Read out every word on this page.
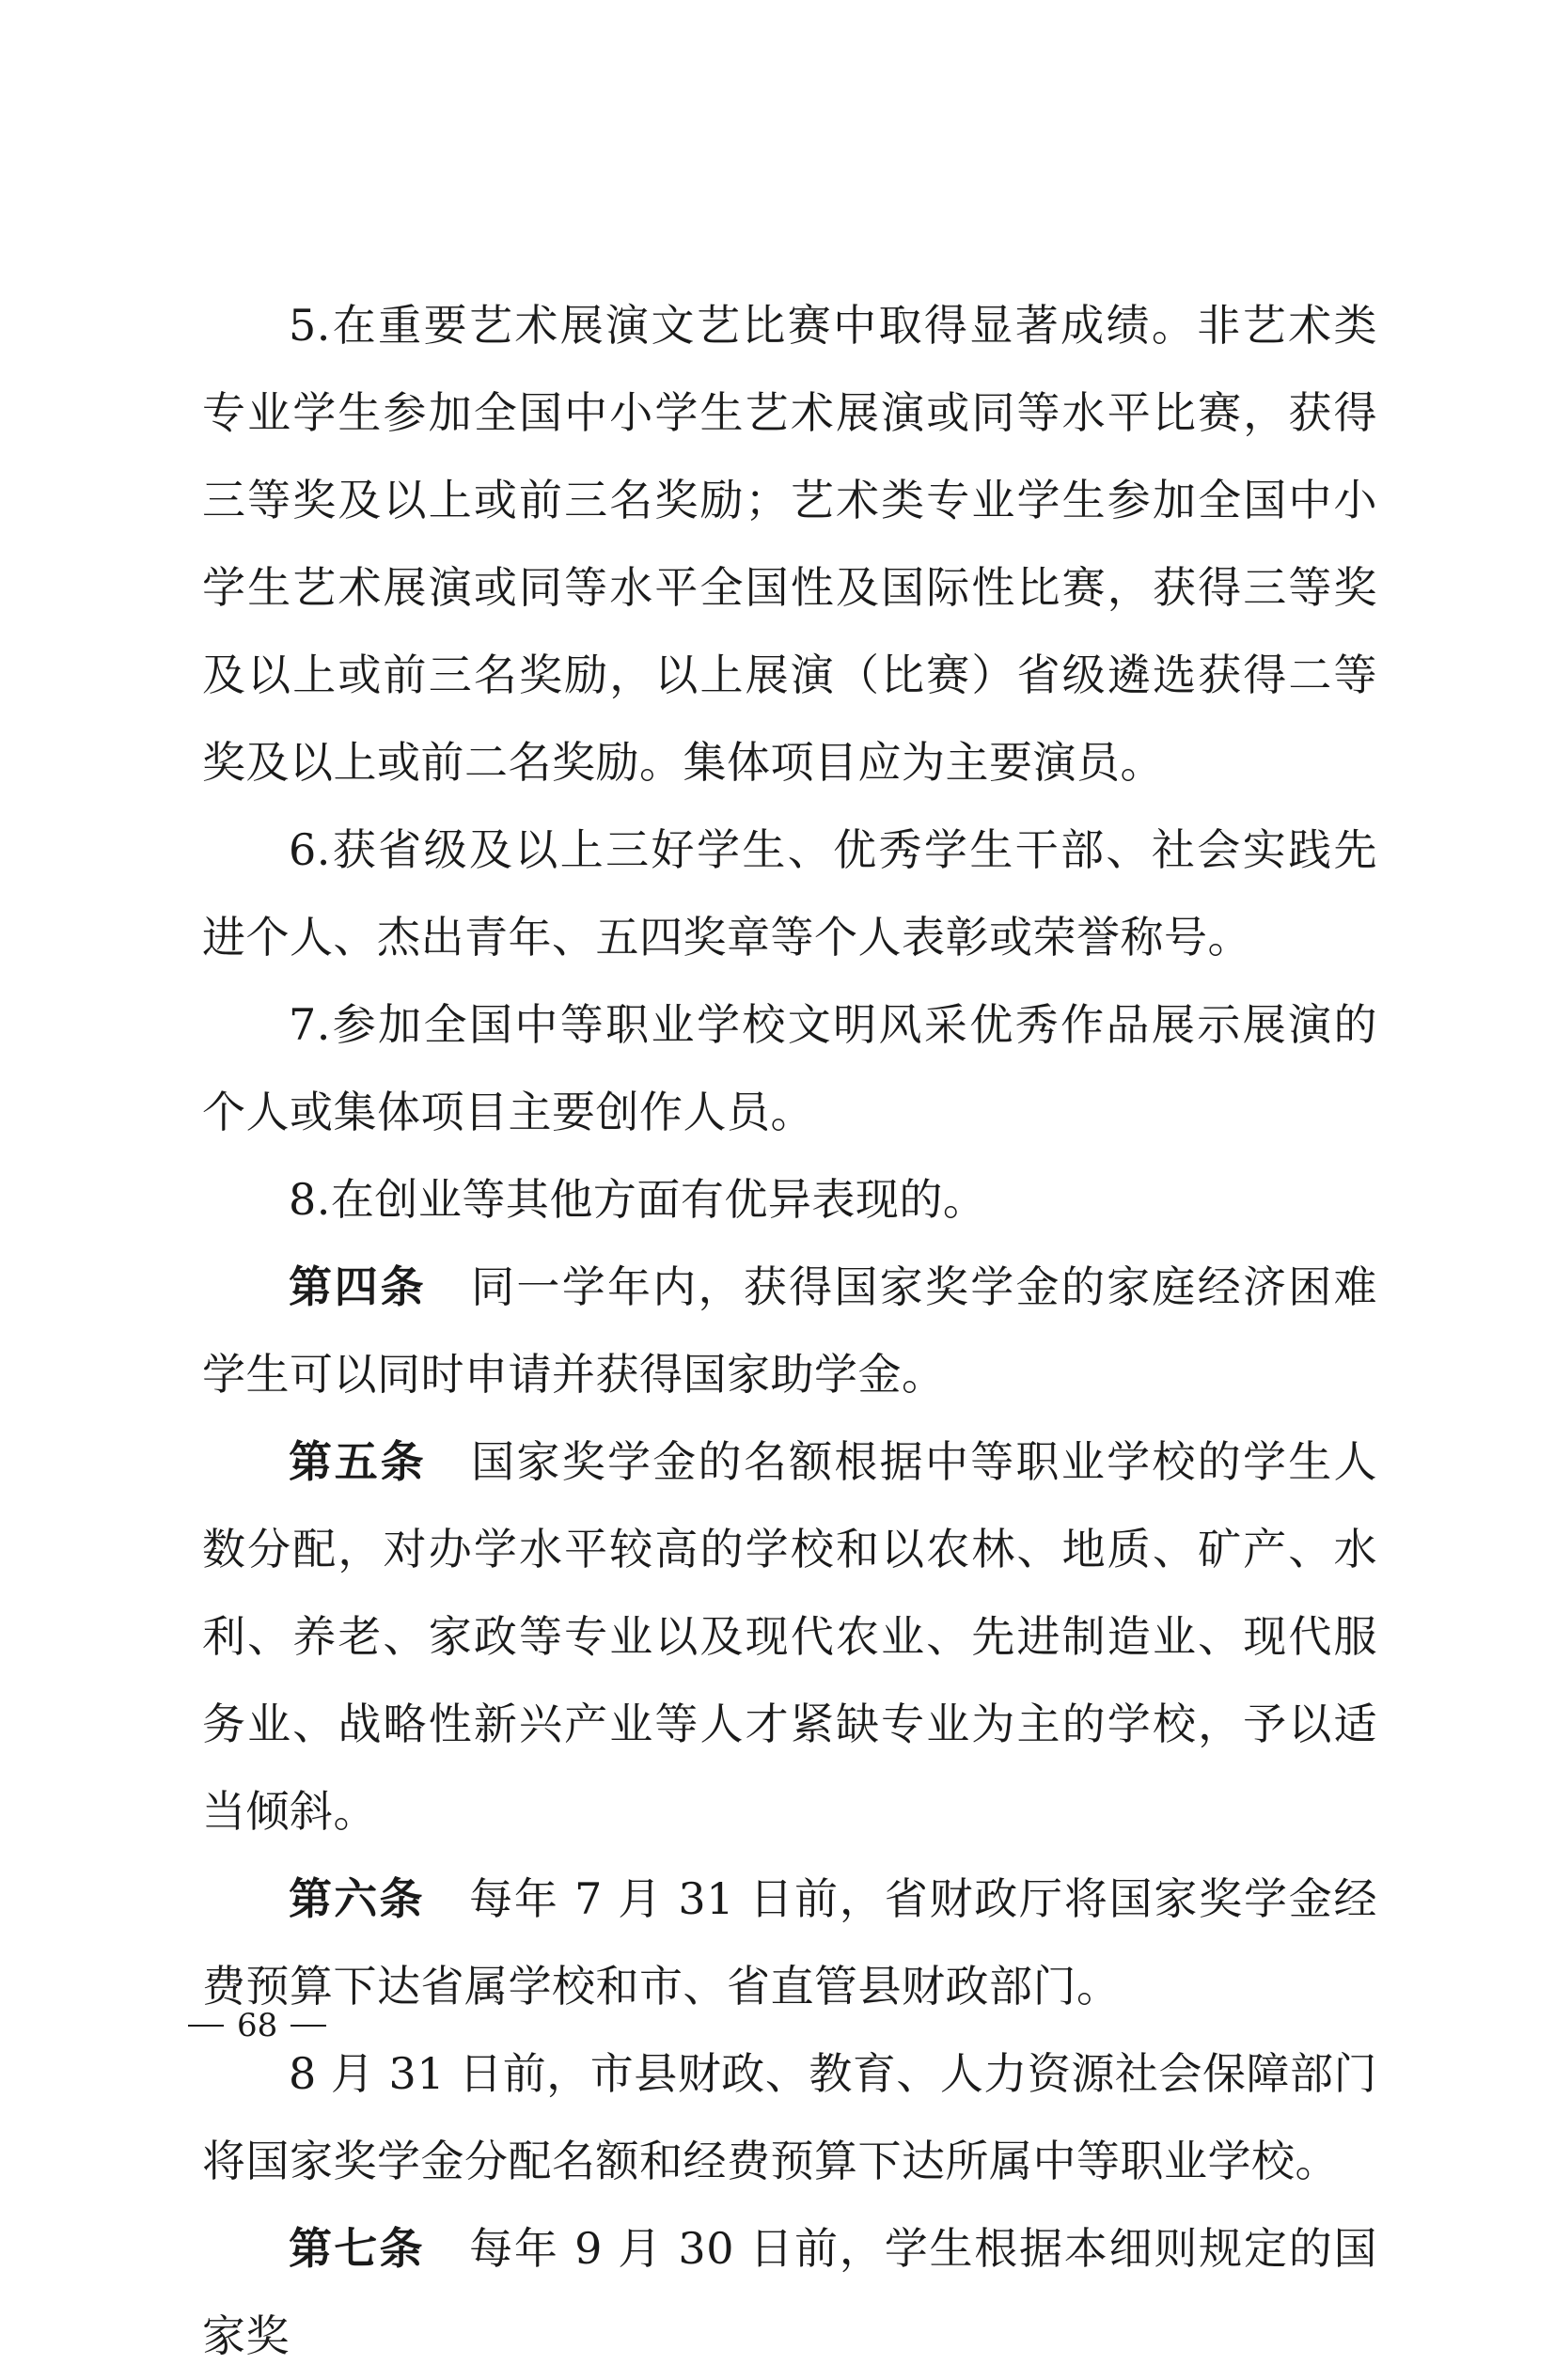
5.在重要艺术展演文艺比赛中取得显著成绩。非艺术类专业学生参加全国中小学生艺术展演或同等水平比赛，获得三等奖及以上或前三名奖励；艺术类专业学生参加全国中小学生艺术展演或同等水平全国性及国际性比赛，获得三等奖及以上或前三名奖励，以上展演（比赛）省级遴选获得二等奖及以上或前二名奖励。集体项目应为主要演员。

6.获省级及以上三好学生、优秀学生干部、社会实践先进个人、杰出青年、五四奖章等个人表彰或荣誉称号。

7.参加全国中等职业学校文明风采优秀作品展示展演的个人或集体项目主要创作人员。

8.在创业等其他方面有优异表现的。

第四条 同一学年内，获得国家奖学金的家庭经济困难学生可以同时申请并获得国家助学金。

第五条 国家奖学金的名额根据中等职业学校的学生人数分配，对办学水平较高的学校和以农林、地质、矿产、水利、养老、家政等专业以及现代农业、先进制造业、现代服务业、战略性新兴产业等人才紧缺专业为主的学校，予以适当倾斜。

第六条 每年 7 月 31 日前，省财政厅将国家奖学金经费预算下达省属学校和市、省直管县财政部门。

8 月 31 日前，市县财政、教育、人力资源社会保障部门将国家奖学金分配名额和经费预算下达所属中等职业学校。

第七条 每年 9 月 30 日前，学生根据本细则规定的国家奖

68
